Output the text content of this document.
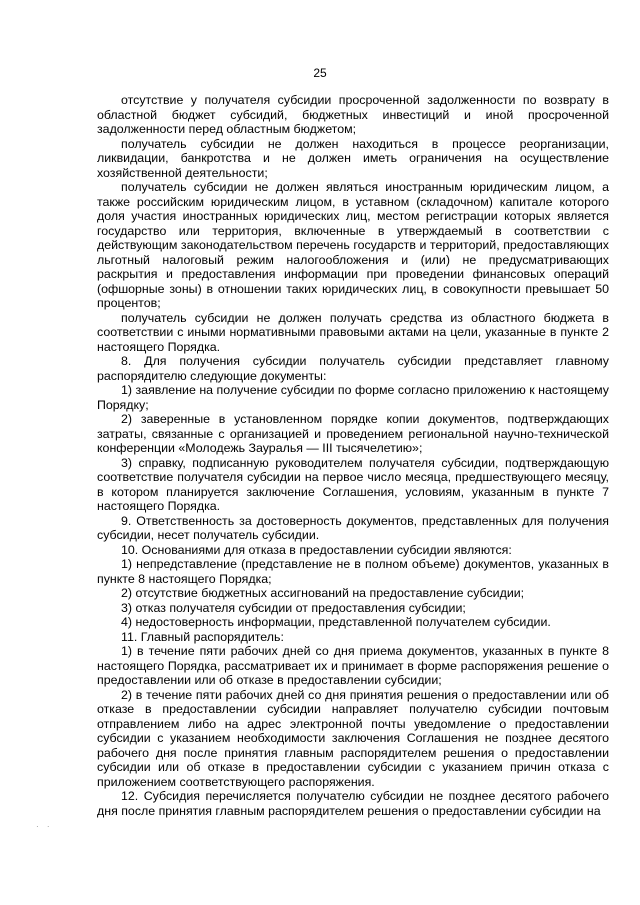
25

отсутствие у получателя субсидии просроченной задолженности по возврату в областной бюджет субсидий, бюджетных инвестиций и иной просроченной задолженности перед областным бюджетом;

получатель субсидии не должен находиться в процессе реорганизации, ликвидации, банкротства и не должен иметь ограничения на осуществление хозяйственной деятельности;

получатель субсидии не должен являться иностранным юридическим лицом, а также российским юридическим лицом, в уставном (складочном) капитале которого доля участия иностранных юридических лиц, местом регистрации которых является государство или территория, включенные в утверждаемый в соответствии с действующим законодательством перечень государств и территорий, предоставляющих льготный налоговый режим налогообложения и (или) не предусматривающих раскрытия и предоставления информации при проведении финансовых операций (офшорные зоны) в отношении таких юридических лиц, в совокупности превышает 50 процентов;

получатель субсидии не должен получать средства из областного бюджета в соответствии с иными нормативными правовыми актами на цели, указанные в пункте 2 настоящего Порядка.

8. Для получения субсидии получатель субсидии представляет главному распорядителю следующие документы:

1) заявление на получение субсидии по форме согласно приложению к настоящему Порядку;

2) заверенные в установленном порядке копии документов, подтверждающих затраты, связанные с организацией и проведением региональной научно-технической конференции «Молодежь Зауралья — III тысячелетию»;

3) справку, подписанную руководителем получателя субсидии, подтверждающую соответствие получателя субсидии на первое число месяца, предшествующего месяцу, в котором планируется заключение Соглашения, условиям, указанным в пункте 7 настоящего Порядка.

9. Ответственность за достоверность документов, представленных для получения субсидии, несет получатель субсидии.

10. Основаниями для отказа в предоставлении субсидии являются:

1) непредставление (представление не в полном объеме) документов, указанных в пункте 8 настоящего Порядка;

2) отсутствие бюджетных ассигнований на предоставление субсидии;

3) отказ получателя субсидии от предоставления субсидии;

4) недостоверность информации, представленной получателем субсидии.

11. Главный распорядитель:

1) в течение пяти рабочих дней со дня приема документов, указанных в пункте 8 настоящего Порядка, рассматривает их и принимает в форме распоряжения решение о предоставлении или об отказе в предоставлении субсидии;

2) в течение пяти рабочих дней со дня принятия решения о предоставлении или об отказе в предоставлении субсидии направляет получателю субсидии почтовым отправлением либо на адрес электронной почты уведомление о предоставлении субсидии с указанием необходимости заключения Соглашения не позднее десятого рабочего дня после принятия главным распорядителем решения о предоставлении субсидии или об отказе в предоставлении субсидии с указанием причин отказа с приложением соответствующего распоряжения.

12. Субсидия перечисляется получателю субсидии не позднее десятого рабочего дня после принятия главным распорядителем решения о предоставлении субсидии на

· ·
